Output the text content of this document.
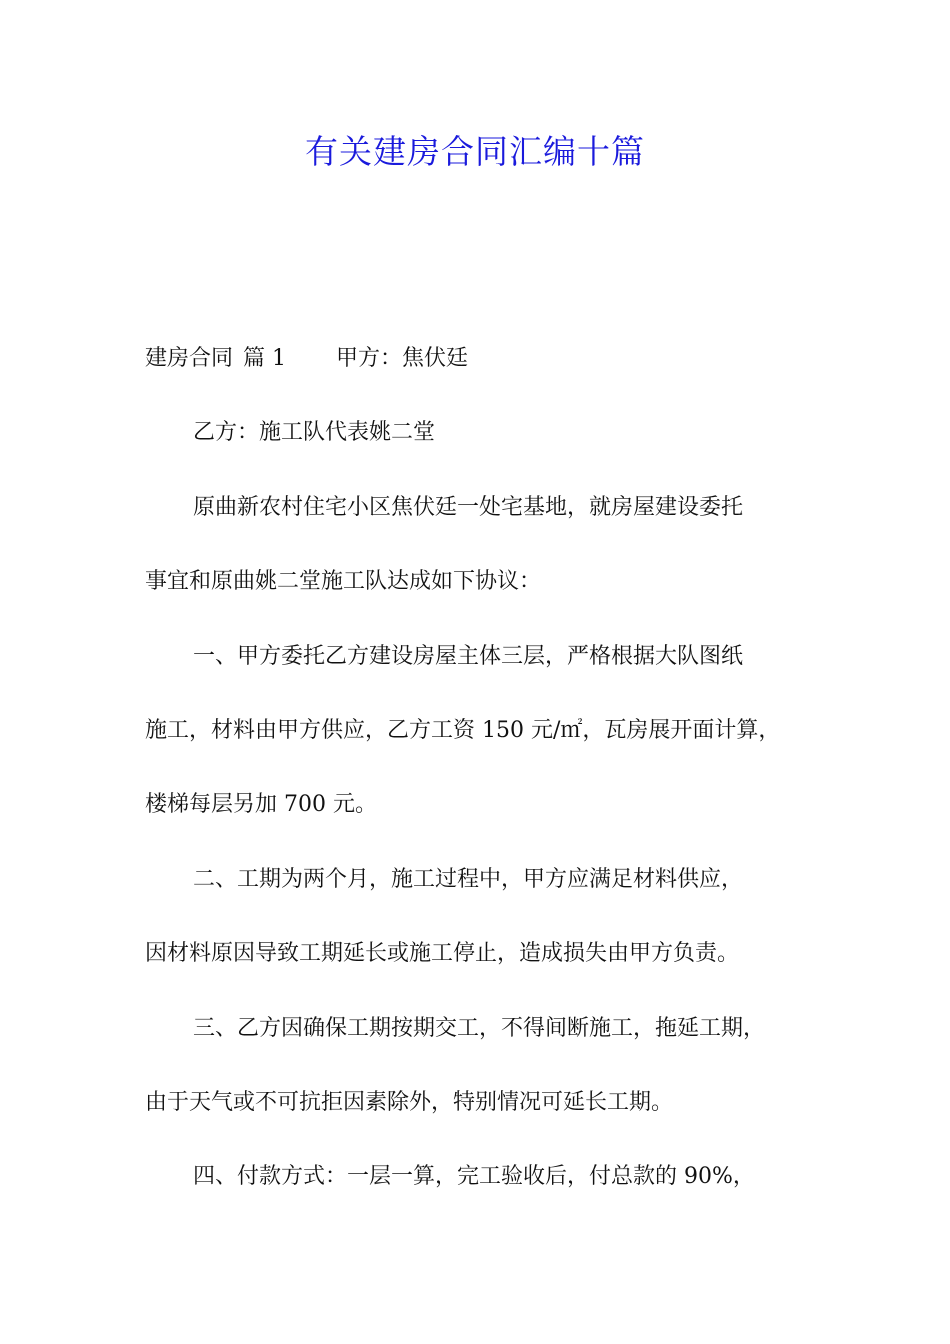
有关建房合同汇编十篇

建房合同 篇 1 甲方：焦伏廷

乙方：施工队代表姚二堂

原曲新农村住宅小区焦伏廷一处宅基地，就房屋建设委托

事宜和原曲姚二堂施工队达成如下协议：

一、甲方委托乙方建设房屋主体三层，严格根据大队图纸

施工，材料由甲方供应，乙方工资 150 元/㎡，瓦房展开面计算，

楼梯每层另加 700 元。

二、工期为两个月，施工过程中，甲方应满足材料供应，

因材料原因导致工期延长或施工停止，造成损失由甲方负责。

三、乙方因确保工期按期交工，不得间断施工，拖延工期，

由于天气或不可抗拒因素除外，特别情况可延长工期。

四、付款方式：一层一算，完工验收后，付总款的 90%，
